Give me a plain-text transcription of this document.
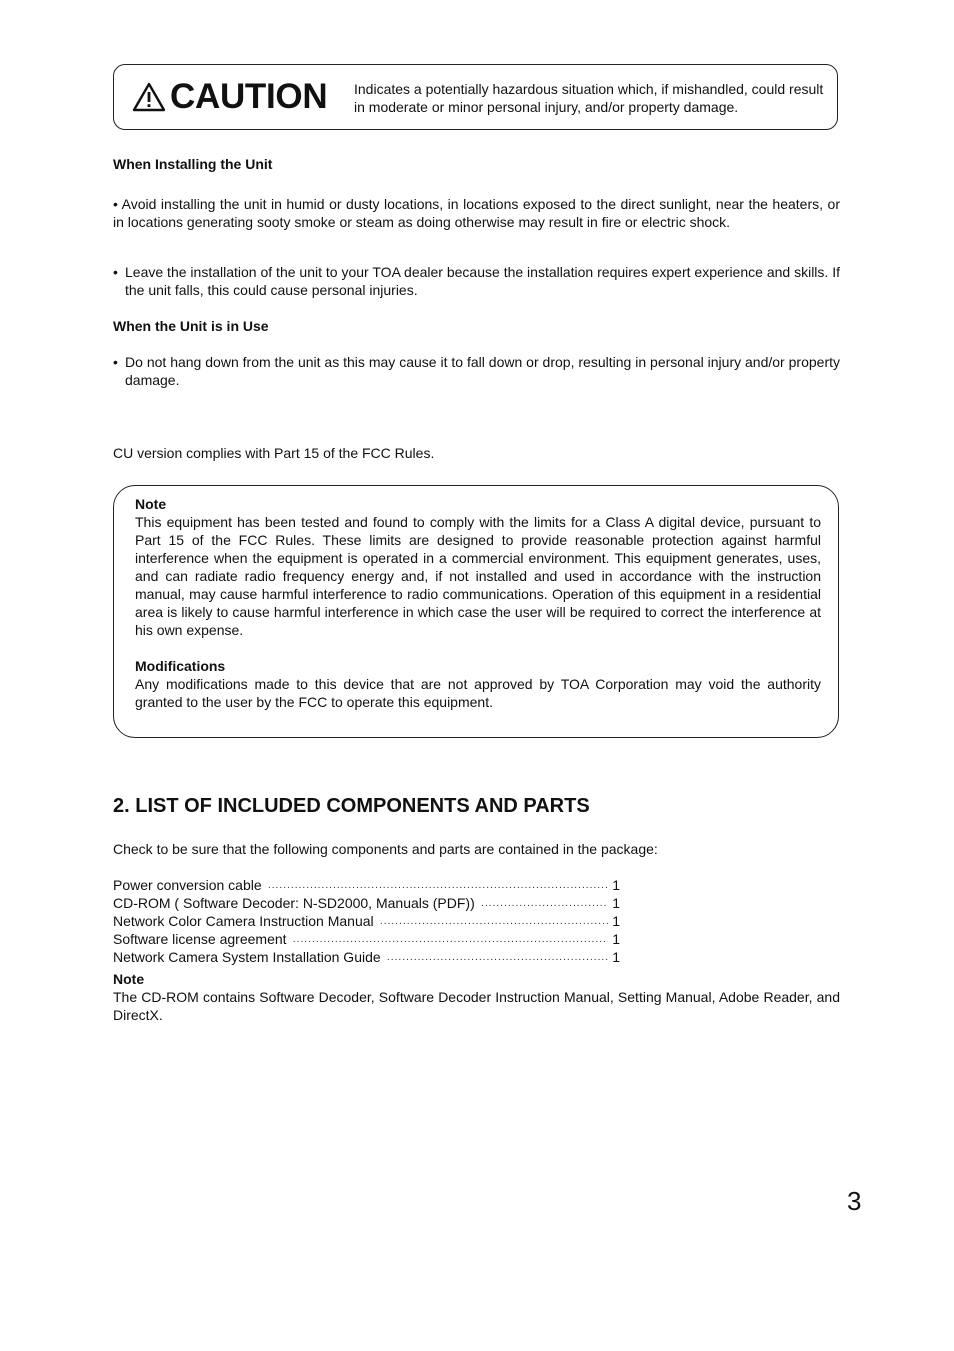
CAUTION Indicates a potentially hazardous situation which, if mishandled, could result in moderate or minor personal injury, and/or property damage.
When Installing the Unit
• Avoid installing the unit in humid or dusty locations, in locations exposed to the direct sunlight, near the heaters, or in locations generating sooty smoke or steam as doing otherwise may result in fire or electric shock.
• Leave the installation of the unit to your TOA dealer because the installation requires expert experience and skills. If the unit falls, this could cause personal injuries.
When the Unit is in Use
• Do not hang down from the unit as this may cause it to fall down or drop, resulting in personal injury and/or property damage.
CU version complies with Part 15 of the FCC Rules.

Note

This equipment has been tested and found to comply with the limits for a Class A digital device, pursuant to Part 15 of the FCC Rules. These limits are designed to provide reasonable protection against harmful interference when the equipment is operated in a commercial environment. This equipment generates, uses, and can radiate radio frequency energy and, if not installed and used in accordance with the instruction manual, may cause harmful interference to radio communications. Operation of this equipment in a residential area is likely to cause harmful interference in which case the user will be required to correct the interference at his own expense.

Modifications

Any modifications made to this device that are not approved by TOA Corporation may void the authority granted to the user by the FCC to operate this equipment.

2. LIST OF INCLUDED COMPONENTS AND PARTS
Check to be sure that the following components and parts are contained in the package:
Power conversion cable ·····	1
CD-ROM ( Software Decoder: N-SD2000, Manuals (PDF)) ·····	1
Network Color Camera Instruction Manual ·····	1
Software license agreement ·····	1
Network Camera System Installation Guide ·····	1
Note
The CD-ROM contains Software Decoder, Software Decoder Instruction Manual, Setting Manual, Adobe Reader, and DirectX.
3
